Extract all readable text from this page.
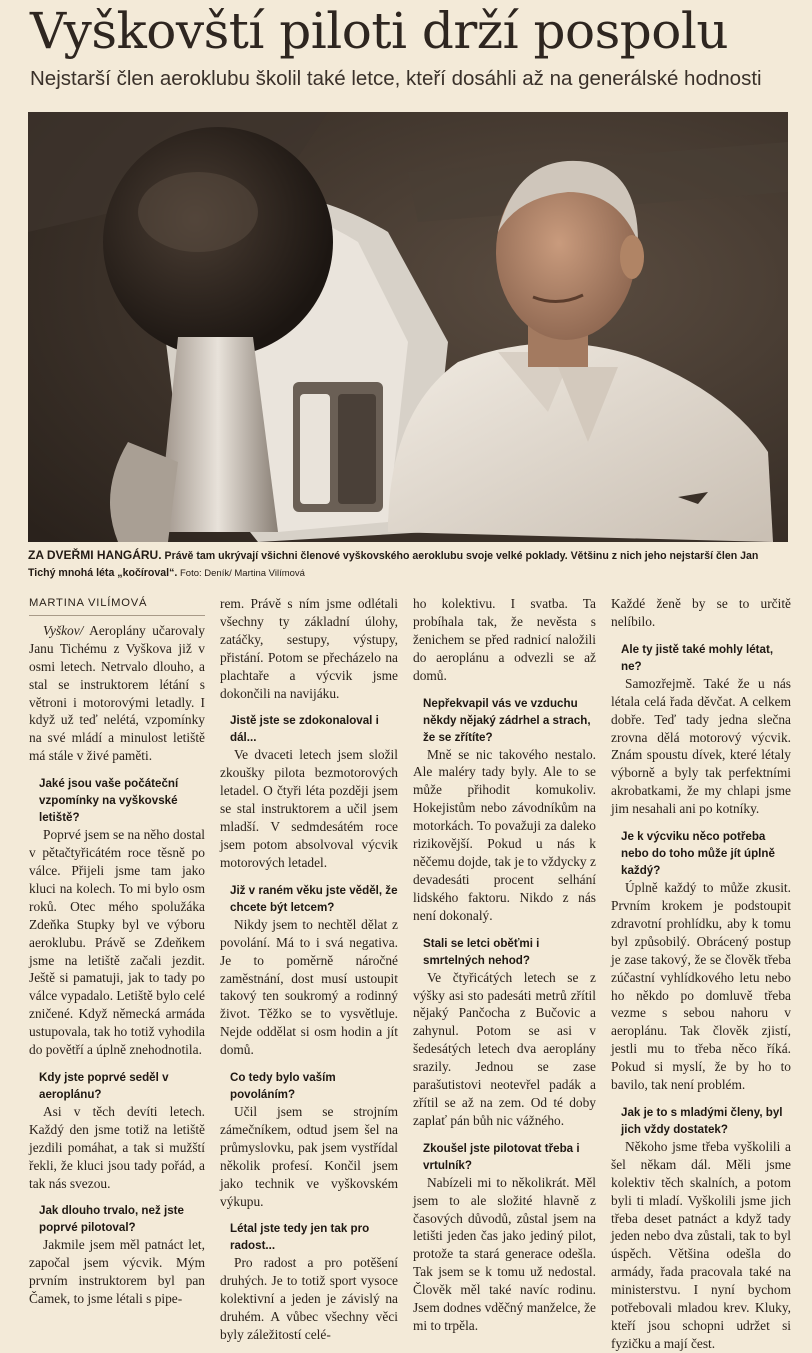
Vyškovští piloti drží pospolu
Nejstarší člen aeroklubu školil také letce, kteří dosáhli až na generálské hodnosti
ZA DVEŘMI HANGÁRU. Právě tam ukrývají všichni členové vyškovského aeroklubu svoje velké poklady. Většinu z nich jeho nejstarší člen Jan Tichý mnohá léta „kočíroval“. Foto: Deník/ Martina Vilímová
MARTINA VILÍMOVÁ

Vyškov/ Aeroplány učarovaly Janu Tichému z Vyškova již v osmi letech. Netrvalo dlouho, a stal se instruktorem létání s větroni i motorovými letadly. I když už teď nelétá, vzpomínky na své mládí a minulost letiště má stále v živé paměti.

Jaké jsou vaše počáteční vzpomínky na vyškovské letiště?

Poprvé jsem se na něho dostal v pětačtyřicátém roce těsně po válce. Přijeli jsme tam jako kluci na kolech. To mi bylo osm roků. Otec mého spolužáka Zdeňka Stupky byl ve výboru aeroklubu. Právě se Zdeňkem jsme na letiště začali jezdit. Ještě si pamatuji, jak to tady po válce vypadalo. Letiště bylo celé zničené. Když německá armáda ustupovala, tak ho totiž vyhodila do povětří a úplně znehodnotila.

Kdy jste poprvé seděl v aeroplánu?

Asi v těch devíti letech. Každý den jsme totiž na letiště jezdili pomáhat, a tak si mužští řekli, že kluci jsou tady pořád, a tak nás svezou.

Jak dlouho trvalo, než jste poprvé pilotoval?

Jakmile jsem měl patnáct let, započal jsem výcvik. Mým prvním instruktorem byl pan Čamek, to jsme létali s pipe-

rem. Právě s ním jsme odlétali všechny ty základní úlohy, zatáčky, sestupy, výstupy, přistání. Potom se přecházelo na plachtaře a výcvik jsme dokončili na navijáku.

Jistě jste se zdokonaloval i dál...

Ve dvaceti letech jsem složil zkoušky pilota bezmotorových letadel. O čtyři léta později jsem se stal instruktorem a učil jsem mladší. V sedmdesátém roce jsem potom absolvoval výcvik motorových letadel.

Již v raném věku jste věděl, že chcete být letcem?

Nikdy jsem to nechtěl dělat z povolání. Má to i svá negativa. Je to poměrně náročné zaměstnání, dost musí ustoupit takový ten soukromý a rodinný život. Těžko se to vysvětluje. Nejde oddělat si osm hodin a jít domů.

Co tedy bylo vaším povoláním?

Učil jsem se strojním zámečníkem, odtud jsem šel na průmyslovku, pak jsem vystřídal několik profesí. Končil jsem jako technik ve vyškovském výkupu.

Létal jste tedy jen tak pro radost...

Pro radost a pro potěšení druhých. Je to totiž sport vysoce kolektivní a jeden je závislý na druhém. A vůbec všechny věci byly záležitostí celé-

ho kolektivu. I svatba. Ta probíhala tak, že nevěsta s ženichem se před radnicí naložili do aeroplánu a odvezli se až domů.

Nepřekvapil vás ve vzduchu někdy nějaký zádrhel a strach, že se zřítíte?

Mně se nic takového nestalo. Ale maléry tady byly. Ale to se může přihodit komukoliv. Hokejistům nebo závodníkům na motorkách. To považuji za daleko rizikovější. Pokud u nás k něčemu dojde, tak je to vždycky z devadesáti procent selhání lidského faktoru. Nikdo z nás není dokonalý.

Stali se letci oběťmi i smrtelných nehod?

Ve čtyřicátých letech se z výšky asi sto padesáti metrů zřítil nějaký Pančocha z Bučovic a zahynul. Potom se asi v šedesátých letech dva aeroplány srazily. Jednou se zase parašutistovi neotevřel padák a zřítil se až na zem. Od té doby zaplať pán bůh nic vážného.

Zkoušel jste pilotovat třeba i vrtulník?

Nabízeli mi to několikrát. Měl jsem to ale složité hlavně z časových důvodů, zůstal jsem na letišti jeden čas jako jediný pilot, protože ta stará generace odešla. Tak jsem se k tomu už nedostal. Člověk měl také navíc rodinu. Jsem dodnes vděčný manželce, že mi to trpěla.

Každé ženě by se to určitě nelíbilo.

Ale ty jistě také mohly létat, ne?

Samozřejmě. Také že u nás létala celá řada děvčat. A celkem dobře. Teď tady jedna slečna zrovna dělá motorový výcvik. Znám spoustu dívek, které létaly výborně a byly tak perfektními akrobatkami, že my chlapi jsme jim nesahali ani po kotníky.

Je k výcviku něco potřeba nebo do toho může jít úplně každý?

Úplně každý to může zkusit. Prvním krokem je podstoupit zdravotní prohlídku, aby k tomu byl způsobilý. Obrácený postup je zase takový, že se člověk třeba zúčastní vyhlídkového letu nebo ho někdo po domluvě třeba vezme s sebou nahoru v aeroplánu. Tak člověk zjistí, jestli mu to třeba něco říká. Pokud si myslí, že by ho to bavilo, tak není problém.

Jak je to s mladými členy, byl jich vždy dostatek?

Někoho jsme třeba vyškolili a šel někam dál. Měli jsme kolektiv těch skalních, a potom byli ti mladí. Vyškolili jsme jich třeba deset patnáct a když tady jeden nebo dva zůstali, tak to byl úspěch. Většina odešla do armády, řada pracovala také na ministerstvu. I nyní bychom potřebovali mladou krev. Kluky, kteří jsou schopni udržet si fyzičku a mají čest.
